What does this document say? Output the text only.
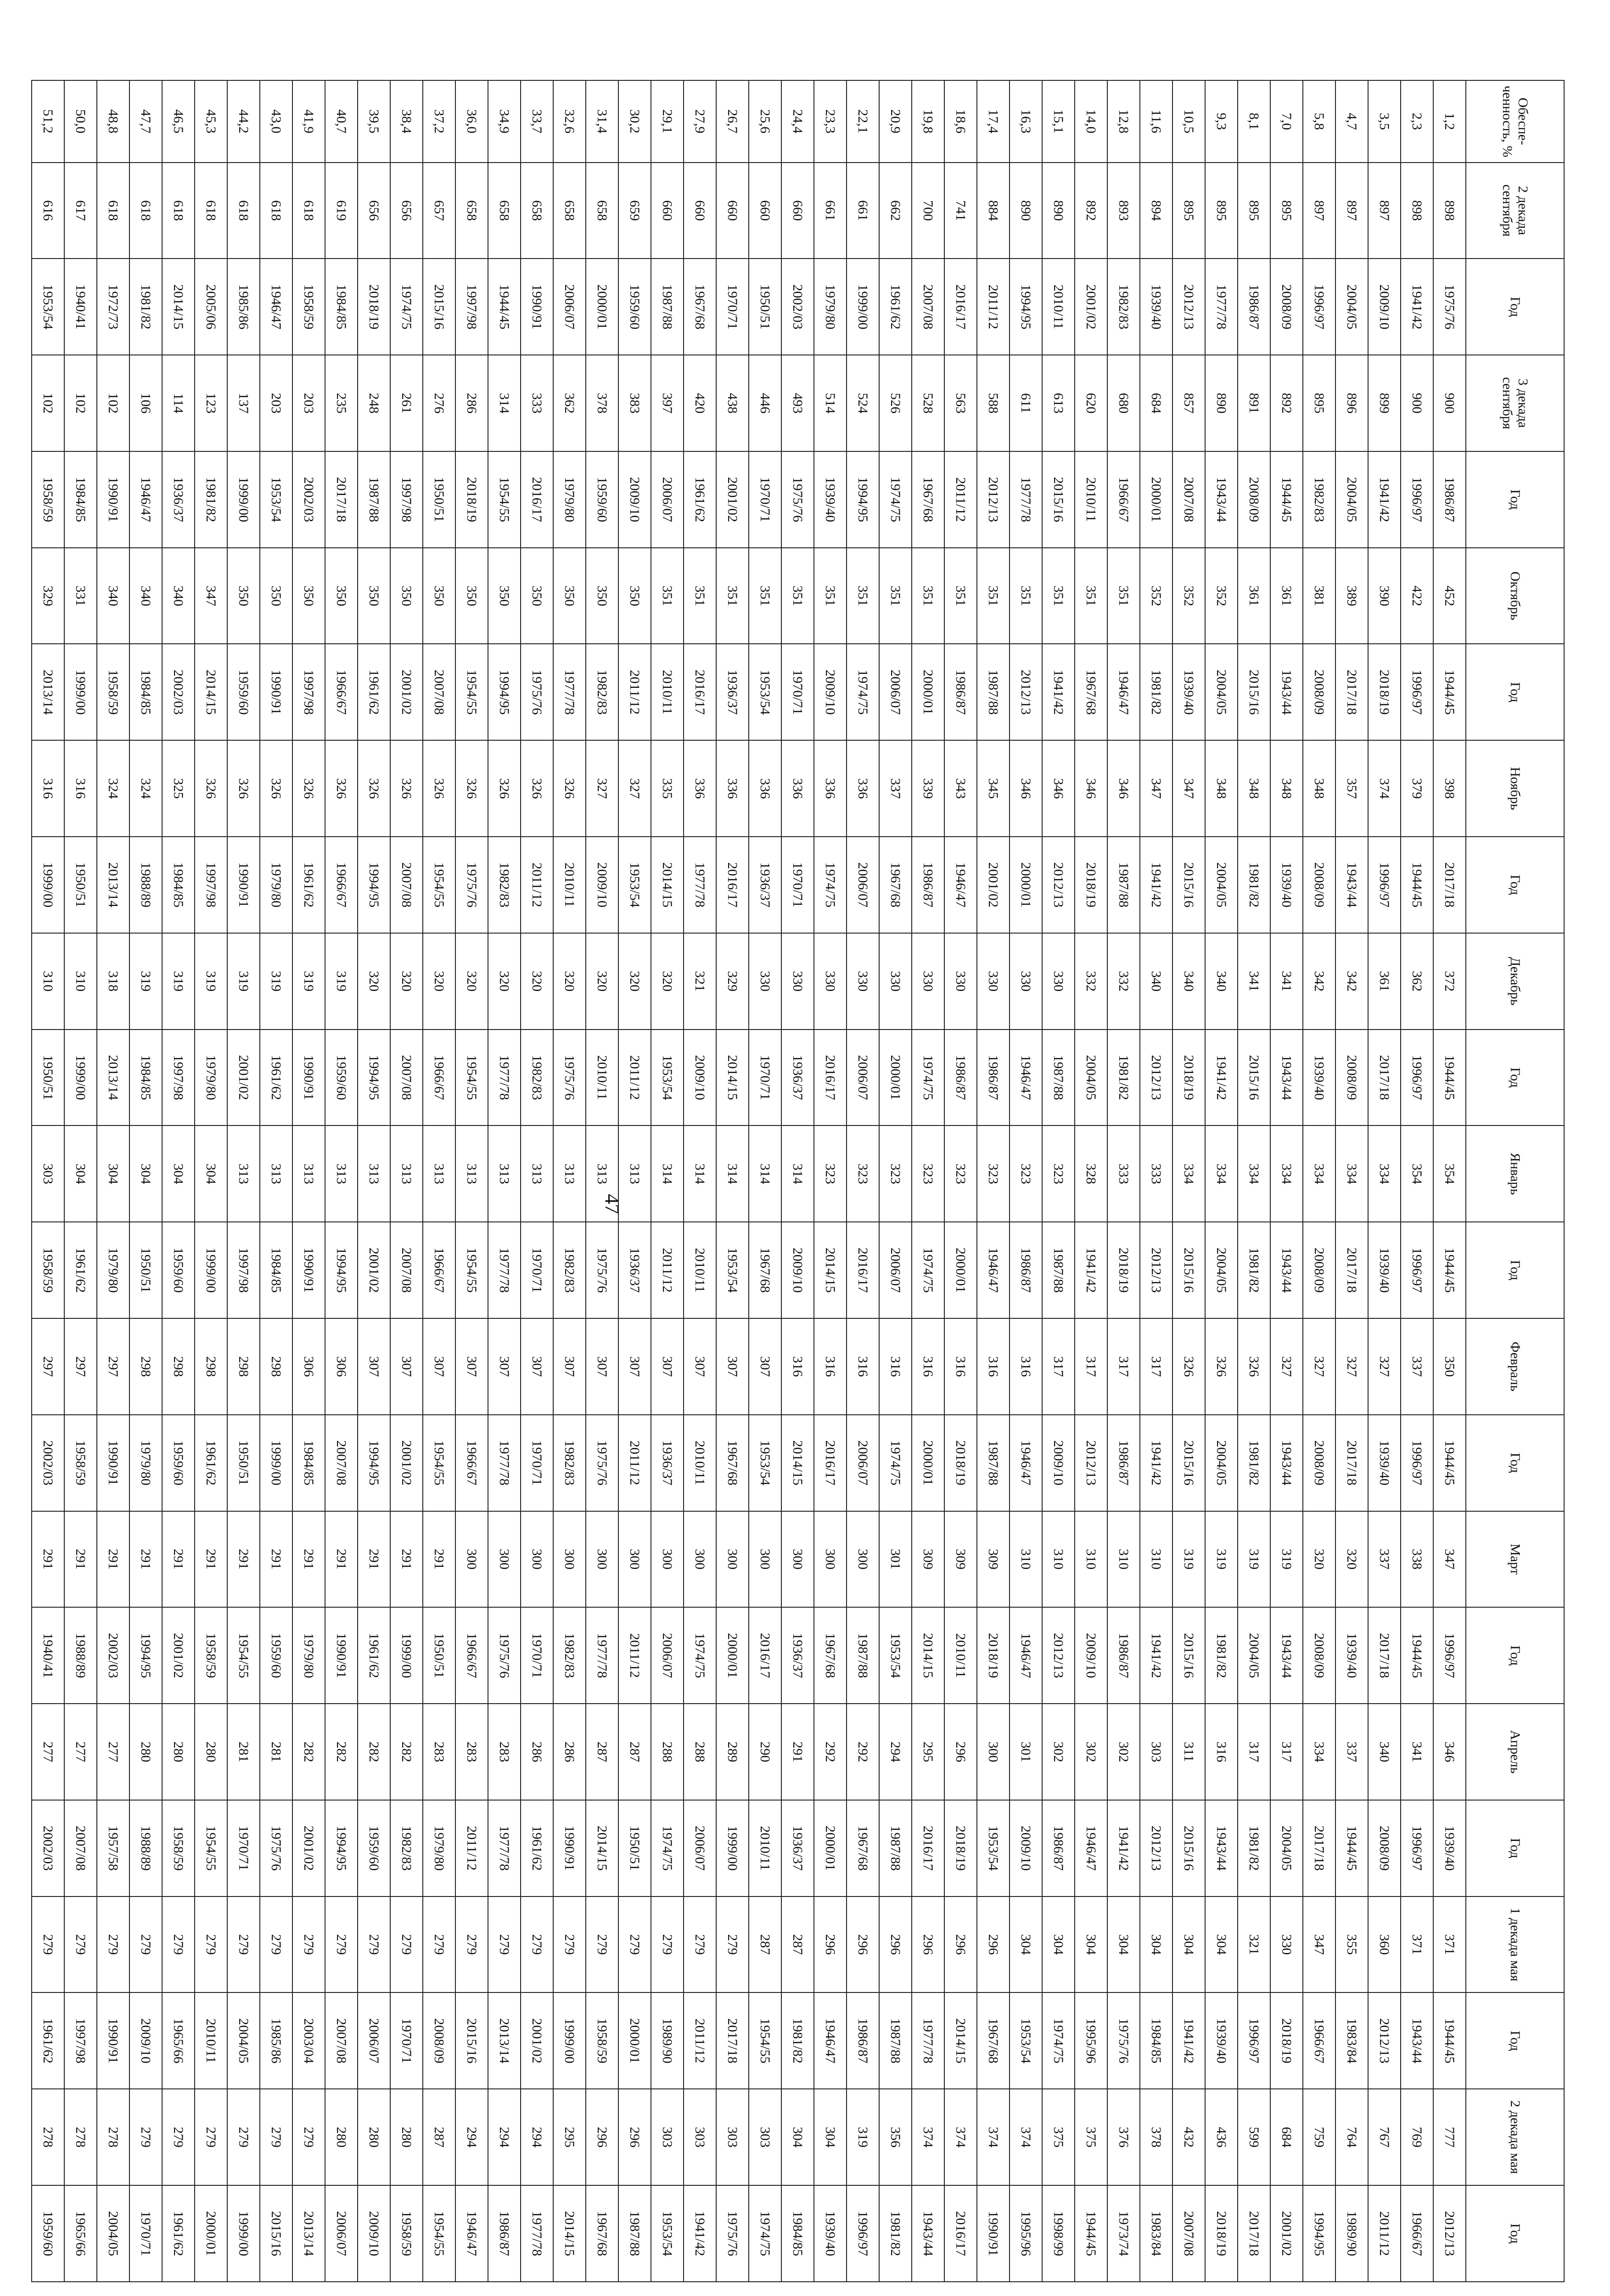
47
Обеспе-ченность, %	2 декада сентября	Год	3 декада сентября	Год	Октябрь	Год	Ноябрь	Год	Декабрь	Год	Январь	Год	Февраль	Год	Март	Год	Апрель	Год	1 декада мая	Год	2 декада мая	Год
1,2	898	1975/76	900	1986/87	452	1944/45	398	2017/18	372	1944/45	354	1944/45	350	1944/45	347	1996/97	346	1939/40	371	1944/45	777	2012/13
2,3	898	1941/42	900	1996/97	422	1996/97	379	1944/45	362	1996/97	354	1996/97	337	1996/97	338	1944/45	341	1996/97	371	1943/44	769	1966/67
3,5	897	2009/10	899	1941/42	390	2018/19	374	1996/97	361	2017/18	334	1939/40	327	1939/40	337	2017/18	340	2008/09	360	2012/13	767	2011/12
4,7	897	2004/05	896	2004/05	389	2017/18	357	1943/44	342	2008/09	334	2017/18	327	2017/18	320	1939/40	337	1944/45	355	1983/84	764	1989/90
5,8	897	1996/97	895	1982/83	381	2008/09	348	2008/09	342	1939/40	334	2008/09	327	2008/09	320	2008/09	334	2017/18	347	1966/67	759	1994/95
7,0	895	2008/09	892	1944/45	361	1943/44	348	1939/40	341	1943/44	334	1943/44	327	1943/44	319	1943/44	317	2004/05	330	2018/19	684	2001/02
8,1	895	1986/87	891	2008/09	361	2015/16	348	1981/82	341	2015/16	334	1981/82	326	1981/82	319	2004/05	317	1981/82	321	1996/97	599	2017/18
9,3	895	1977/78	890	1943/44	352	2004/05	348	2004/05	340	1941/42	334	2004/05	326	2004/05	319	1981/82	316	1943/44	304	1939/40	436	2018/19
10,5	895	2012/13	857	2007/08	352	1939/40	347	2015/16	340	2018/19	334	2015/16	326	2015/16	319	2015/16	311	2015/16	304	1941/42	432	2007/08
11,6	894	1939/40	684	2000/01	352	1981/82	347	1941/42	340	2012/13	333	2012/13	317	1941/42	310	1941/42	303	2012/13	304	1984/85	378	1983/84
12,8	893	1982/83	680	1966/67	351	1946/47	346	1987/88	332	1981/82	333	2018/19	317	1986/87	310	1986/87	302	1941/42	304	1975/76	376	1973/74
14,0	892	2001/02	620	2010/11	351	1967/68	346	2018/19	332	2004/05	328	1941/42	317	2012/13	310	2009/10	302	1946/47	304	1995/96	375	1944/45
15,1	890	2010/11	613	2015/16	351	1941/42	346	2012/13	330	1987/88	323	1987/88	317	2009/10	310	2012/13	302	1986/87	304	1974/75	375	1998/99
16,3	890	1994/95	611	1977/78	351	2012/13	346	2000/01	330	1946/47	323	1986/87	316	1946/47	310	1946/47	301	2009/10	304	1953/54	374	1995/96
17,4	884	2011/12	588	2012/13	351	1987/88	345	2001/02	330	1986/87	323	1946/47	316	1987/88	309	2018/19	300	1953/54	296	1967/68	374	1990/91
18,6	741	2016/17	563	2011/12	351	1986/87	343	1946/47	330	1986/87	323	2000/01	316	2018/19	309	2010/11	296	2018/19	296	2014/15	374	2016/17
19,8	700	2007/08	528	1967/68	351	2000/01	339	1986/87	330	1974/75	323	1974/75	316	2000/01	309	2014/15	295	2016/17	296	1977/78	374	1943/44
20,9	662	1961/62	526	1974/75	351	2006/07	337	1967/68	330	2000/01	323	2006/07	316	1974/75	301	1953/54	294	1987/88	296	1987/88	356	1981/82
22,1	661	1999/00	524	1994/95	351	1974/75	336	2006/07	330	2006/07	323	2016/17	316	2006/07	300	1987/88	292	1967/68	296	1986/87	319	1996/97
23,3	661	1979/80	514	1939/40	351	2009/10	336	1974/75	330	2016/17	323	2014/15	316	2016/17	300	1967/68	292	2000/01	296	1946/47	304	1939/40
24,4	660	2002/03	493	1975/76	351	1970/71	336	1970/71	330	1936/37	314	2009/10	316	2014/15	300	1936/37	291	1936/37	287	1981/82	304	1984/85
25,6	660	1950/51	446	1970/71	351	1953/54	336	1936/37	330	1970/71	314	1967/68	307	1953/54	300	2016/17	290	2010/11	287	1954/55	303	1974/75
26,7	660	1970/71	438	2001/02	351	1936/37	336	2016/17	329	2014/15	314	1953/54	307	1967/68	300	2000/01	289	1999/00	279	2017/18	303	1975/76
27,9	660	1967/68	420	1961/62	351	2016/17	336	1977/78	321	2009/10	314	2010/11	307	2010/11	300	1974/75	288	2006/07	279	2011/12	303	1941/42
29,1	660	1987/88	397	2006/07	351	2010/11	335	2014/15	320	1953/54	314	2011/12	307	1936/37	300	2006/07	288	1974/75	279	1989/90	303	1953/54
30,2	659	1959/60	383	2009/10	350	2011/12	327	1953/54	320	2011/12	313	1936/37	307	2011/12	300	2011/12	287	1950/51	279	2000/01	296	1987/88
31,4	658	2000/01	378	1959/60	350	1982/83	327	2009/10	320	2010/11	313	1975/76	307	1975/76	300	1977/78	287	2014/15	279	1958/59	296	1967/68
32,6	658	2006/07	362	1979/80	350	1977/78	326	2010/11	320	1975/76	313	1982/83	307	1982/83	300	1982/83	286	1990/91	279	1999/00	295	2014/15
33,7	658	1990/91	333	2016/17	350	1975/76	326	2011/12	320	1982/83	313	1970/71	307	1970/71	300	1970/71	286	1961/62	279	2001/02	294	1977/78
34,9	658	1944/45	314	1954/55	350	1994/95	326	1982/83	320	1977/78	313	1977/78	307	1977/78	300	1975/76	283	1977/78	279	2013/14	294	1986/87
36,0	658	1997/98	286	2018/19	350	1954/55	326	1975/76	320	1954/55	313	1954/55	307	1966/67	300	1966/67	283	2011/12	279	2015/16	294	1946/47
37,2	657	2015/16	276	1950/51	350	2007/08	326	1954/55	320	1966/67	313	1966/67	307	1954/55	291	1950/51	283	1979/80	279	2008/09	287	1954/55
38,4	656	1974/75	261	1997/98	350	2001/02	326	2007/08	320	2007/08	313	2007/08	307	2001/02	291	1999/00	282	1982/83	279	1970/71	280	1958/59
39,5	656	2018/19	248	1987/88	350	1961/62	326	1994/95	320	1994/95	313	2001/02	307	1994/95	291	1961/62	282	1959/60	279	2006/07	280	2009/10
40,7	619	1984/85	235	2017/18	350	1966/67	326	1966/67	319	1959/60	313	1994/95	306	2007/08	291	1990/91	282	1994/95	279	2007/08	280	2006/07
41,9	618	1958/59	203	2002/03	350	1997/98	326	1961/62	319	1990/91	313	1990/91	306	1984/85	291	1979/80	282	2001/02	279	2003/04	279	2013/14
43,0	618	1946/47	203	1953/54	350	1990/91	326	1979/80	319	1961/62	313	1984/85	298	1999/00	291	1959/60	281	1975/76	279	1985/86	279	2015/16
44,2	618	1985/86	137	1999/00	350	1959/60	326	1990/91	319	2001/02	313	1997/98	298	1950/51	291	1954/55	281	1970/71	279	2004/05	279	1999/00
45,3	618	2005/06	123	1981/82	347	2014/15	326	1997/98	319	1979/80	304	1999/00	298	1961/62	291	1958/59	280	1954/55	279	2010/11	279	2000/01
46,5	618	2014/15	114	1936/37	340	2002/03	325	1984/85	319	1997/98	304	1959/60	298	1959/60	291	2001/02	280	1958/59	279	1965/66	279	1961/62
47,7	618	1981/82	106	1946/47	340	1984/85	324	1988/89	319	1984/85	304	1950/51	298	1979/80	291	1994/95	280	1988/89	279	2009/10	279	1970/71
48,8	618	1972/73	102	1990/91	340	1958/59	324	2013/14	318	2013/14	304	1979/80	297	1990/91	291	2002/03	277	1957/58	279	1990/91	278	2004/05
50,0	617	1940/41	102	1984/85	331	1999/00	316	1950/51	310	1999/00	304	1961/62	297	1958/59	291	1988/89	277	2007/08	279	1997/98	278	1965/66
51,2	616	1953/54	102	1958/59	329	2013/14	316	1999/00	310	1950/51	303	1958/59	297	2002/03	291	1940/41	277	2002/03	279	1961/62	278	1959/60
